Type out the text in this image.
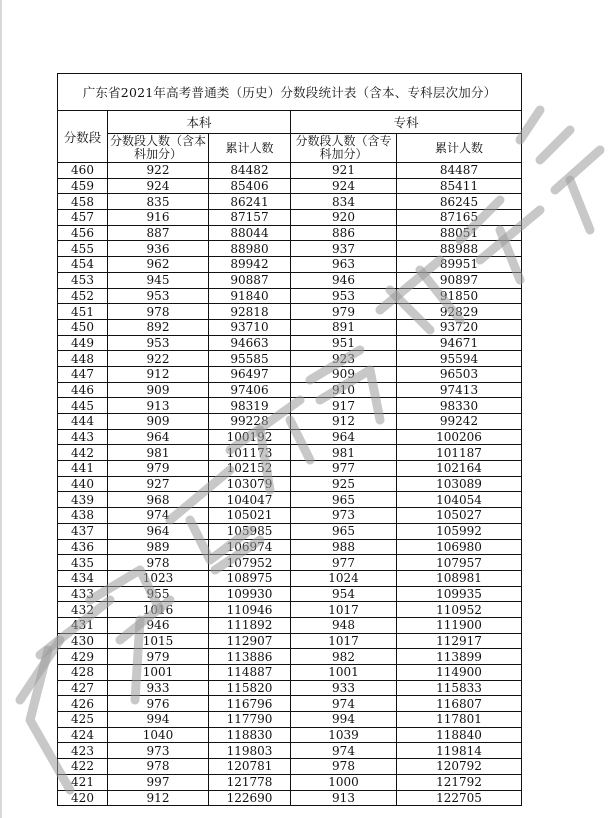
广东省2021年高考普通类（历史）分数段统计表（含本、专科层次加分）				
分数段	本科		专科	
	分数段人数（含本科加分）	累计人数	分数段人数（含专科加分）	累计人数
460	922	84482	921	84487
459	924	85406	924	85411
458	835	86241	834	86245
457	916	87157	920	87165
456	887	88044	886	88051
455	936	88980	937	88988
454	962	89942	963	89951
453	945	90887	946	90897
452	953	91840	953	91850
451	978	92818	979	92829
450	892	93710	891	93720
449	953	94663	951	94671
448	922	95585	923	95594
447	912	96497	909	96503
446	909	97406	910	97413
445	913	98319	917	98330
444	909	99228	912	99242
443	964	100192	964	100206
442	981	101173	981	101187
441	979	102152	977	102164
440	927	103079	925	103089
439	968	104047	965	104054
438	974	105021	973	105027
437	964	105985	965	105992
436	989	106974	988	106980
435	978	107952	977	107957
434	1023	108975	1024	108981
433	955	109930	954	109935
432	1016	110946	1017	110952
431	946	111892	948	111900
430	1015	112907	1017	112917
429	979	113886	982	113899
428	1001	114887	1001	114900
427	933	115820	933	115833
426	976	116796	974	116807
425	994	117790	994	117801
424	1040	118830	1039	118840
423	973	119803	974	119814
422	978	120781	978	120792
421	997	121778	1000	121792
420	912	122690	913	122705
